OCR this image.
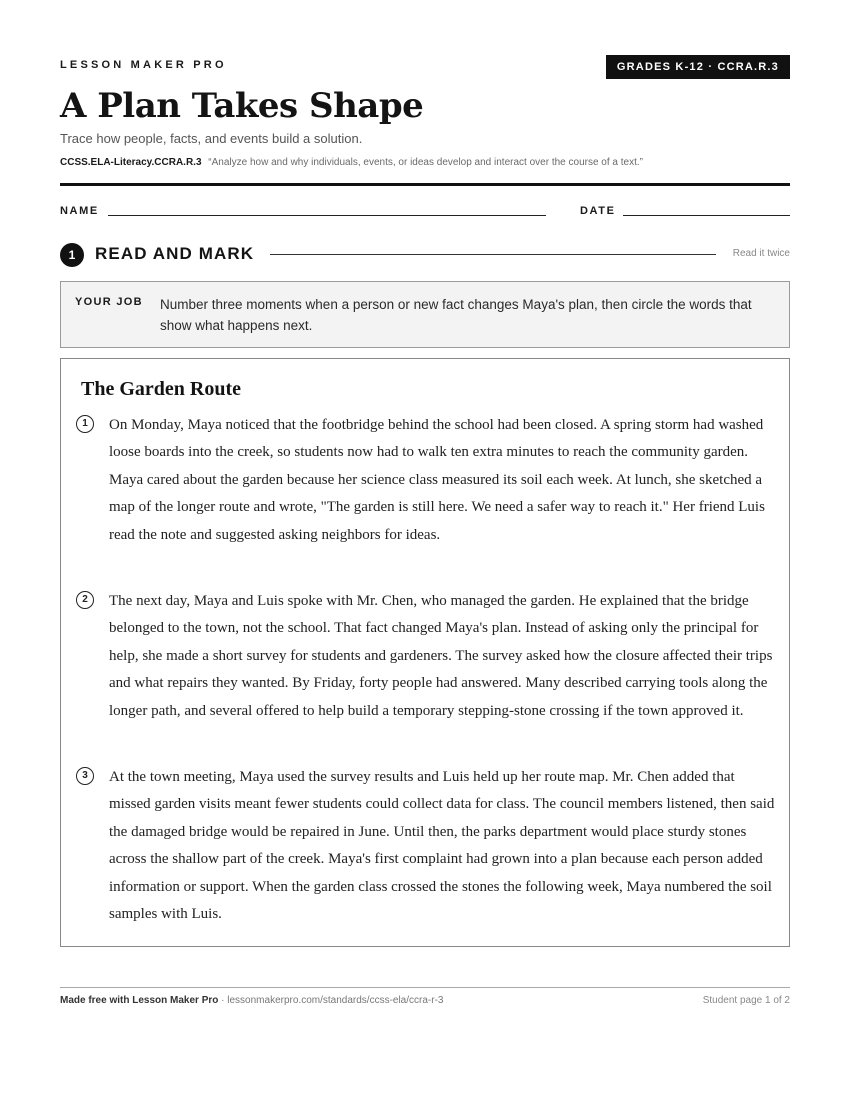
LESSON MAKER PRO	GRADES K-12 · CCRA.R.3
A Plan Takes Shape
Trace how people, facts, and events build a solution.
CCSS.ELA-Literacy.CCRA.R.3 “Analyze how and why individuals, events, or ideas develop and interact over the course of a text.”
NAME	DATE
1	READ AND MARK	Read it twice
YOUR JOB Number three moments when a person or new fact changes Maya's plan, then circle the words that show what happens next.
The Garden Route
1	On Monday, Maya noticed that the footbridge behind the school had been closed. A spring storm had washed loose boards into the creek, so students now had to walk ten extra minutes to reach the community garden. Maya cared about the garden because her science class measured its soil each week. At lunch, she sketched a map of the longer route and wrote, "The garden is still here. We need a safer way to reach it." Her friend Luis read the note and suggested asking neighbors for ideas.

2	The next day, Maya and Luis spoke with Mr. Chen, who managed the garden. He explained that the bridge belonged to the town, not the school. That fact changed Maya's plan. Instead of asking only the principal for help, she made a short survey for students and gardeners. The survey asked how the closure affected their trips and what repairs they wanted. By Friday, forty people had answered. Many described carrying tools along the longer path, and several offered to help build a temporary stepping-stone crossing if the town approved it.

3	At the town meeting, Maya used the survey results and Luis held up her route map. Mr. Chen added that missed garden visits meant fewer students could collect data for class. The council members listened, then said the damaged bridge would be repaired in June. Until then, the parks department would place sturdy stones across the shallow part of the creek. Maya's first complaint had grown into a plan because each person added information or support. When the garden class crossed the stones the following week, Maya numbered the soil samples with Luis.

Made free with Lesson Maker Pro · lessonmakerpro.com/standards/ccss-ela/ccra-r-3	Student page 1 of 2
